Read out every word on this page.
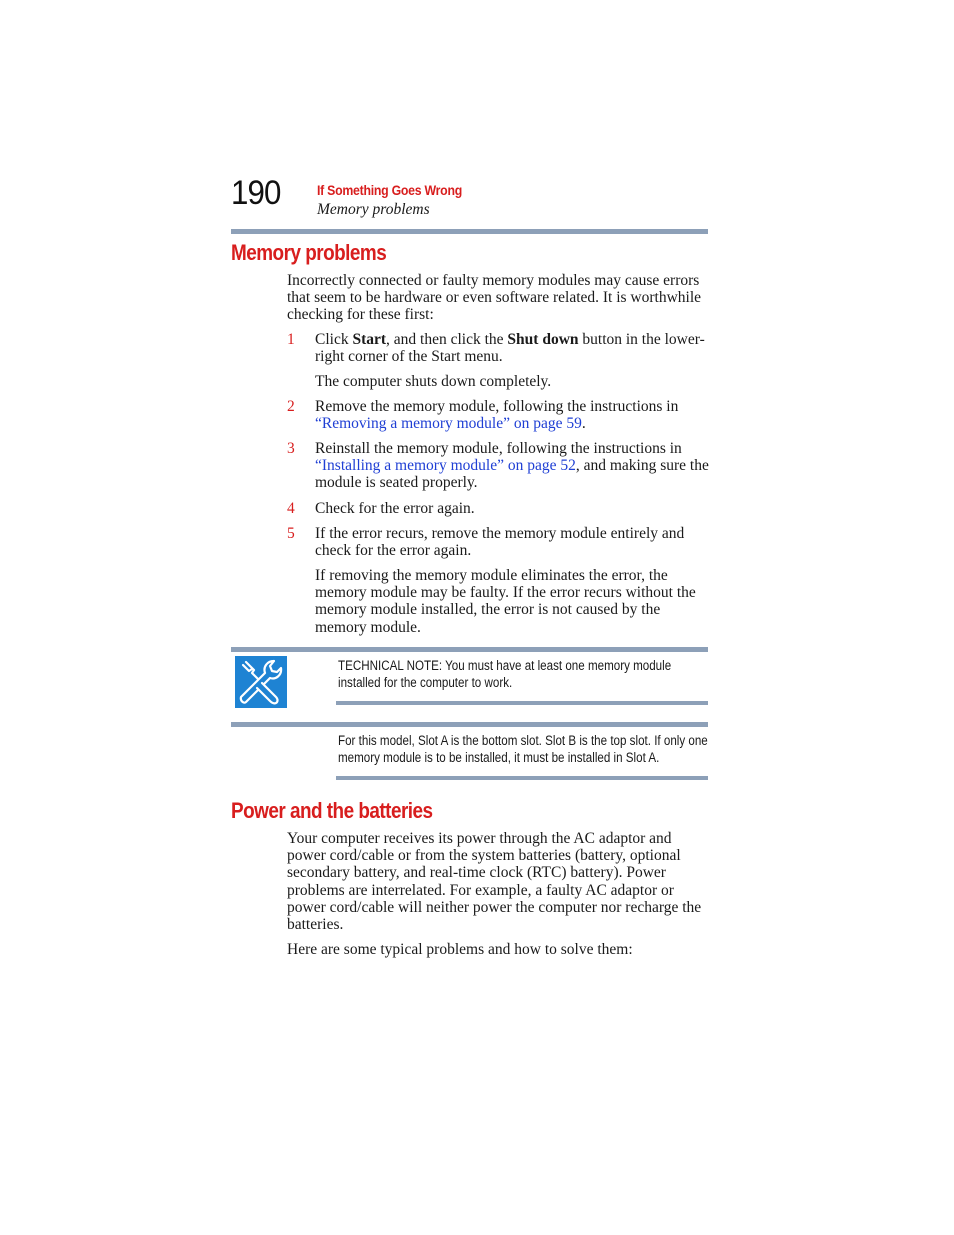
190	If Something Goes Wrong
Memory problems
Memory problems
Incorrectly connected or faulty memory modules may cause errors that seem to be hardware or even software related. It is worthwhile checking for these first:
1 Click Start, and then click the Shut down button in the lower-right corner of the Start menu.
The computer shuts down completely.
2 Remove the memory module, following the instructions in “Removing a memory module” on page 59.
3 Reinstall the memory module, following the instructions in “Installing a memory module” on page 52, and making sure the module is seated properly.
4 Check for the error again.
5 If the error recurs, remove the memory module entirely and check for the error again.
If removing the memory module eliminates the error, the memory module may be faulty. If the error recurs without the memory module installed, the error is not caused by the memory module.
TECHNICAL NOTE: You must have at least one memory module installed for the computer to work.
For this model, Slot A is the bottom slot. Slot B is the top slot. If only one memory module is to be installed, it must be installed in Slot A.
Power and the batteries
Your computer receives its power through the AC adaptor and power cord/cable or from the system batteries (battery, optional secondary battery, and real-time clock (RTC) battery). Power problems are interrelated. For example, a faulty AC adaptor or power cord/cable will neither power the computer nor recharge the batteries.
Here are some typical problems and how to solve them:
